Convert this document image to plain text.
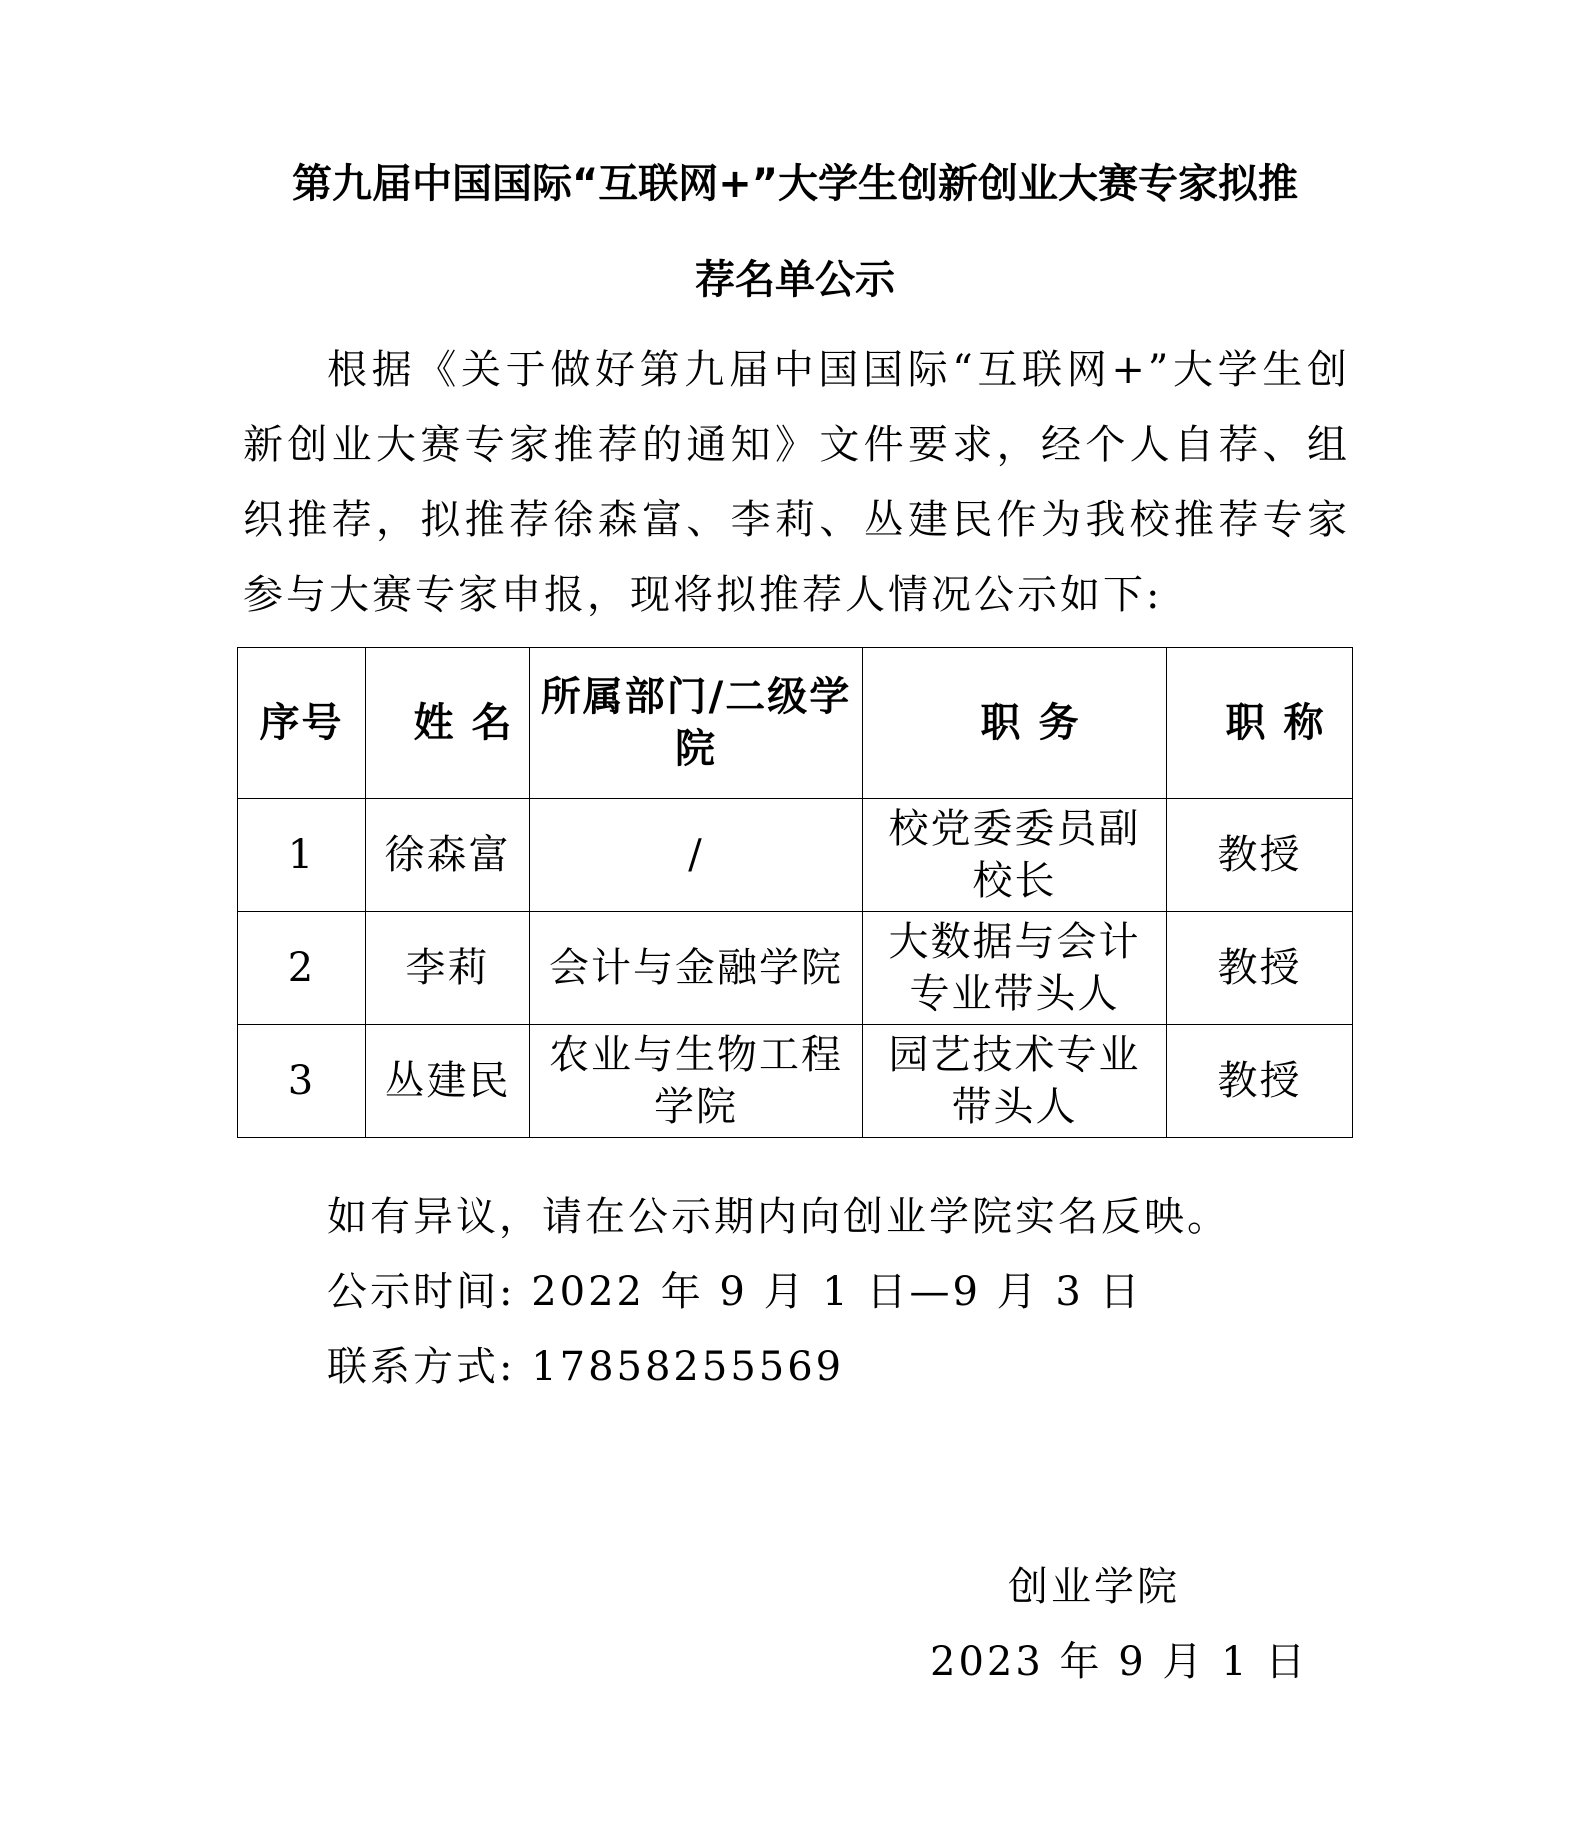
第九届中国国际“互联网+”大学生创新创业大赛专家拟推
荐名单公示
根据《关于做好第九届中国国际“互联网+”大学生创新创业大赛专家推荐的通知》文件要求，经个人自荐、组织推荐，拟推荐徐森富、李莉、丛建民作为我校推荐专家参与大赛专家申报，现将拟推荐人情况公示如下:
序号	姓 名	所属部门/二级学院	职 务	职 称
1	徐森富	/	校党委委员副校长	教授
2	李莉	会计与金融学院	大数据与会计专业带头人	教授
3	丛建民	农业与生物工程学院	园艺技术专业带头人	教授
如有异议，请在公示期内向创业学院实名反映。
公示时间: 2022 年 9 月 1 日—9 月 3 日
联系方式: 17858255569
创业学院
2023 年 9 月 1 日
